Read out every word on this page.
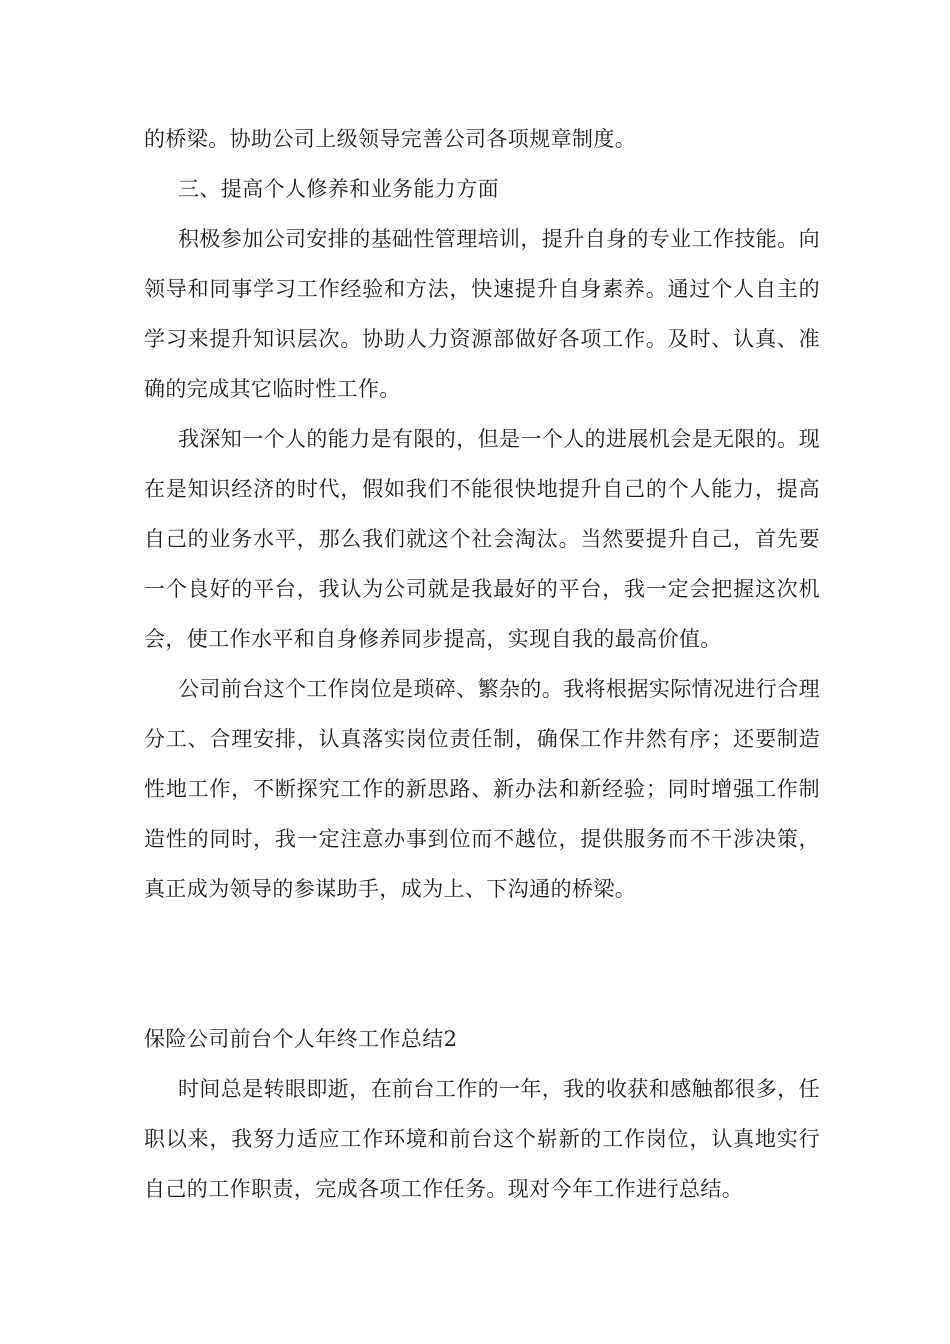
的桥梁。协助公司上级领导完善公司各项规章制度。

三、提高个人修养和业务能力方面

积极参加公司安排的基础性管理培训，提升自身的专业工作技能。向领导和同事学习工作经验和方法，快速提升自身素养。通过个人自主的学习来提升知识层次。协助人力资源部做好各项工作。及时、认真、准确的完成其它临时性工作。

我深知一个人的能力是有限的，但是一个人的进展机会是无限的。现在是知识经济的时代，假如我们不能很快地提升自己的个人能力，提高自己的业务水平，那么我们就这个社会淘汰。当然要提升自己，首先要一个良好的平台，我认为公司就是我最好的平台，我一定会把握这次机会，使工作水平和自身修养同步提高，实现自我的最高价值。

公司前台这个工作岗位是琐碎、繁杂的。我将根据实际情况进行合理分工、合理安排，认真落实岗位责任制，确保工作井然有序；还要制造性地工作，不断探究工作的新思路、新办法和新经验；同时增强工作制造性的同时，我一定注意办事到位而不越位，提供服务而不干涉决策，真正成为领导的参谋助手，成为上、下沟通的桥梁。

保险公司前台个人年终工作总结2

时间总是转眼即逝，在前台工作的一年，我的收获和感触都很多，任职以来，我努力适应工作环境和前台这个崭新的工作岗位，认真地实行自己的工作职责，完成各项工作任务。现对今年工作进行总结。
